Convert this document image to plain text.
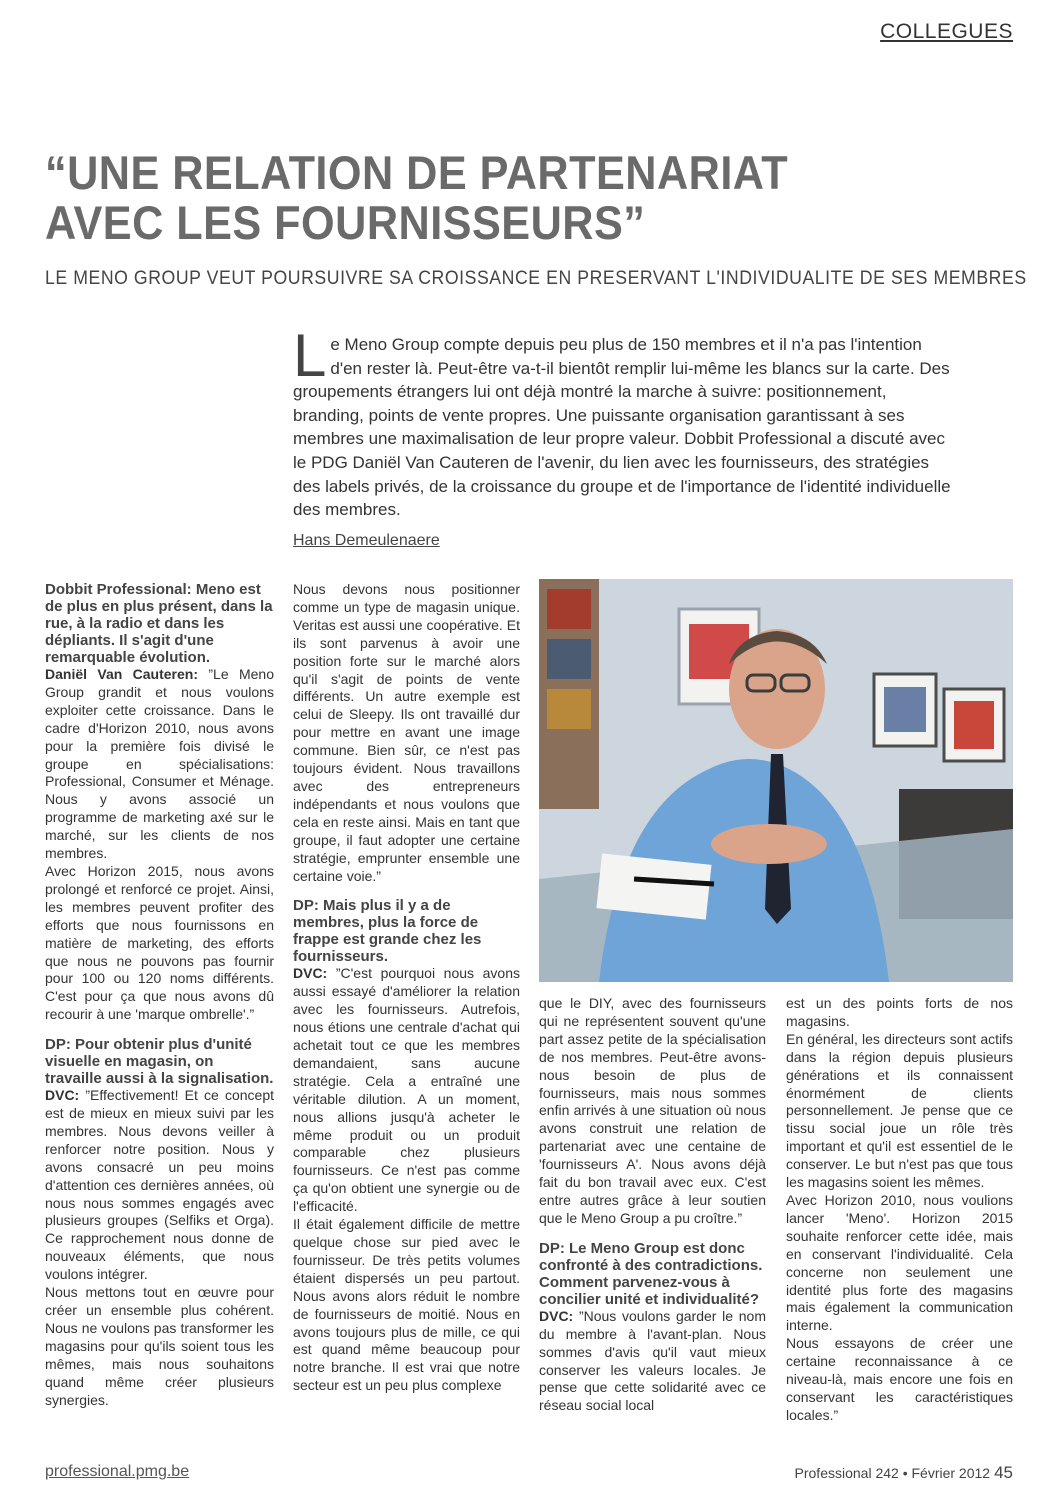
COLLEGUES
“UNE RELATION DE PARTENARIAT
AVEC LES FOURNISSEURS”
LE MENO GROUP VEUT POURSUIVRE SA CROISSANCE EN PRESERVANT L'INDIVIDUALITE DE SES MEMBRES

Le Meno Group compte depuis peu plus de 150 membres et il n'a pas l'intention d'en rester là. Peut-être va-t-il bientôt remplir lui-même les blancs sur la carte. Des groupements étrangers lui ont déjà montré la marche à suivre: positionnement, branding, points de vente propres. Une puissante organisation garantissant à ses membres une maximalisation de leur propre valeur. Dobbit Professional a discuté avec le PDG Daniël Van Cauteren de l'avenir, du lien avec les fournisseurs, des stratégies des labels privés, de la croissance du groupe et de l'importance de l'identité individuelle des membres.

Hans Demeulenaere

Dobbit Professional: Meno est de plus en plus présent, dans la rue, à la radio et dans les dépliants. Il s'agit d'une remarquable évolution.

Daniël Van Cauteren: ”Le Meno Group grandit et nous voulons exploiter cette croissance. Dans le cadre d'Horizon 2010, nous avons pour la première fois divisé le groupe en spécialisations: Professional, Consumer et Ménage. Nous y avons associé un programme de marketing axé sur le marché, sur les clients de nos membres.

Avec Horizon 2015, nous avons prolongé et renforcé ce projet. Ainsi, les membres peuvent profiter des efforts que nous fournissons en matière de marketing, des efforts que nous ne pouvons pas fournir pour 100 ou 120 noms différents. C'est pour ça que nous avons dû recourir à une 'marque ombrelle'.”

DP: Pour obtenir plus d'unité visuelle en magasin, on travaille aussi à la signalisation.

DVC: ”Effectivement! Et ce concept est de mieux en mieux suivi par les membres. Nous devons veiller à renforcer notre position. Nous y avons consacré un peu moins d'attention ces dernières années, où nous nous sommes engagés avec plusieurs groupes (Selfiks et Orga). Ce rapprochement nous donne de nouveaux éléments, que nous voulons intégrer.

Nous mettons tout en œuvre pour créer un ensemble plus cohérent. Nous ne voulons pas transformer les magasins pour qu'ils soient tous les mêmes, mais nous souhaitons quand même créer plusieurs synergies.

Nous devons nous positionner comme un type de magasin unique. Veritas est aussi une coopérative. Et ils sont parvenus à avoir une position forte sur le marché alors qu'il s'agit de points de vente différents. Un autre exemple est celui de Sleepy. Ils ont travaillé dur pour mettre en avant une image commune. Bien sûr, ce n'est pas toujours évident. Nous travaillons avec des entrepreneurs indépendants et nous voulons que cela en reste ainsi. Mais en tant que groupe, il faut adopter une certaine stratégie, emprunter ensemble une certaine voie.”

DP: Mais plus il y a de membres, plus la force de frappe est grande chez les fournisseurs.

DVC: ”C'est pourquoi nous avons aussi essayé d'améliorer la relation avec les fournisseurs. Autrefois, nous étions une centrale d'achat qui achetait tout ce que les membres demandaient, sans aucune stratégie. Cela a entraîné une véritable dilution. A un moment, nous allions jusqu'à acheter le même produit ou un produit comparable chez plusieurs fournisseurs. Ce n'est pas comme ça qu'on obtient une synergie ou de l'efficacité.

Il était également difficile de mettre quelque chose sur pied avec le fournisseur. De très petits volumes étaient dispersés un peu partout. Nous avons alors réduit le nombre de fournisseurs de moitié. Nous en avons toujours plus de mille, ce qui est quand même beaucoup pour notre branche. Il est vrai que notre secteur est un peu plus complexe

que le DIY, avec des fournisseurs qui ne représentent souvent qu'une part assez petite de la spécialisation de nos membres. Peut-être avons-nous besoin de plus de fournisseurs, mais nous sommes enfin arrivés à une situation où nous avons construit une relation de partenariat avec une centaine de 'fournisseurs A'. Nous avons déjà fait du bon travail avec eux. C'est entre autres grâce à leur soutien que le Meno Group a pu croître.”

DP: Le Meno Group est donc confronté à des contradictions. Comment parvenez-vous à concilier unité et individualité?

DVC: ”Nous voulons garder le nom du membre à l'avant-plan. Nous sommes d'avis qu'il vaut mieux conserver les valeurs locales. Je pense que cette solidarité avec ce réseau social local

est un des points forts de nos magasins.

En général, les directeurs sont actifs dans la région depuis plusieurs générations et ils connaissent énormément de clients personnellement. Je pense que ce tissu social joue un rôle très important et qu'il est essentiel de le conserver. Le but n'est pas que tous les magasins soient les mêmes.

Avec Horizon 2010, nous voulions lancer 'Meno'. Horizon 2015 souhaite renforcer cette idée, mais en conservant l'individualité. Cela concerne non seulement une identité plus forte des magasins mais également la communication interne.

Nous essayons de créer une certaine reconnaissance à ce niveau-là, mais encore une fois en conservant les caractéristiques locales.”

professional.pmg.be	Professional 242 • Février 2012 45
